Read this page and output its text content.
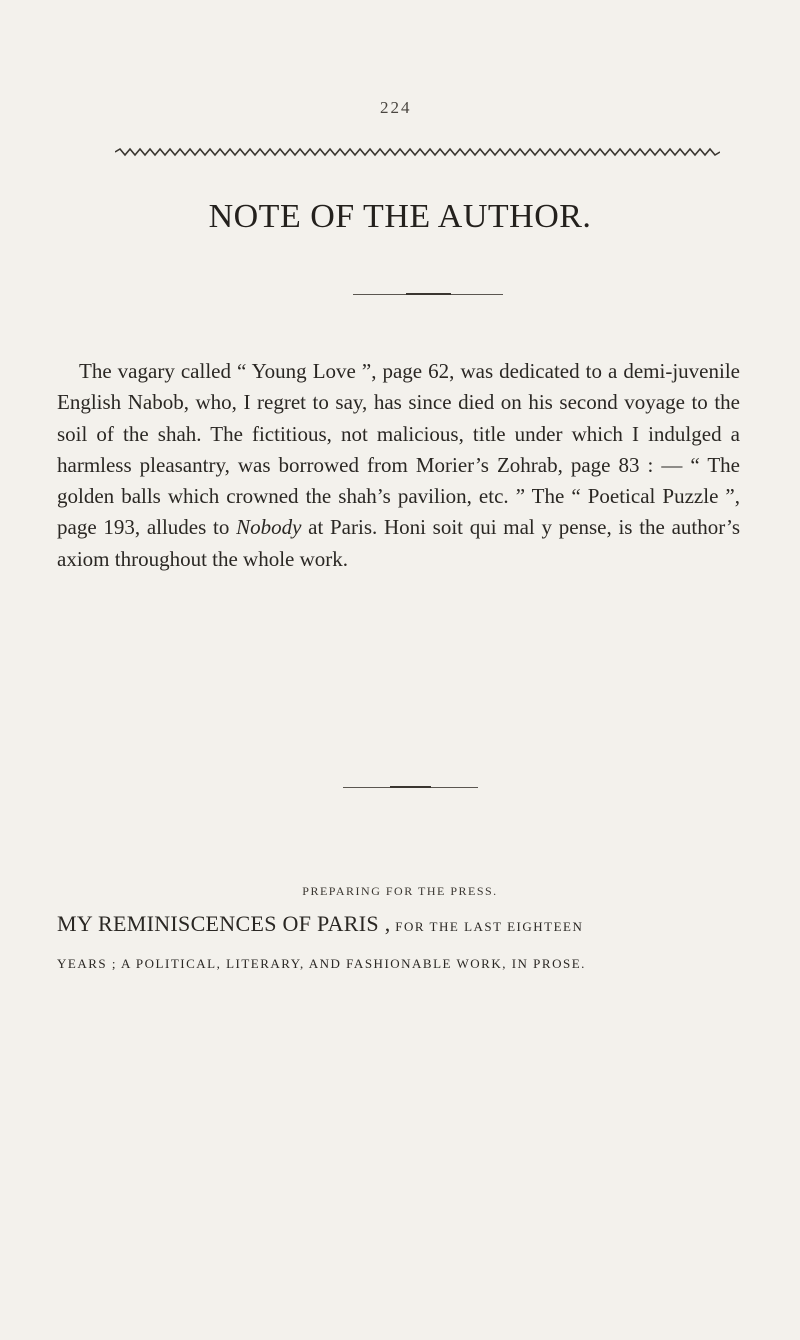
224
NOTE OF THE AUTHOR.

The vagary called “ Young Love ”, page 62, was dedicated to a demi-juvenile English Nabob, who, I regret to say, has since died on his second voyage to the soil of the shah. The fictitious, not malicious, title under which I indulged a harmless pleasantry, was borrowed from Morier’s Zohrab, page 83 : — “ The golden balls which crowned the shah’s pavilion, etc. ” The “ Poetical Puzzle ”, page 193, alludes to Nobody at Paris. Honi soit qui mal y pense, is the author’s axiom throughout the whole work.

PREPARING FOR THE PRESS.

MY REMINISCENCES OF PARIS , FOR THE LAST EIGHTEEN
YEARS ; A POLITICAL, LITERARY, AND FASHIONABLE WORK, IN PROSE.
